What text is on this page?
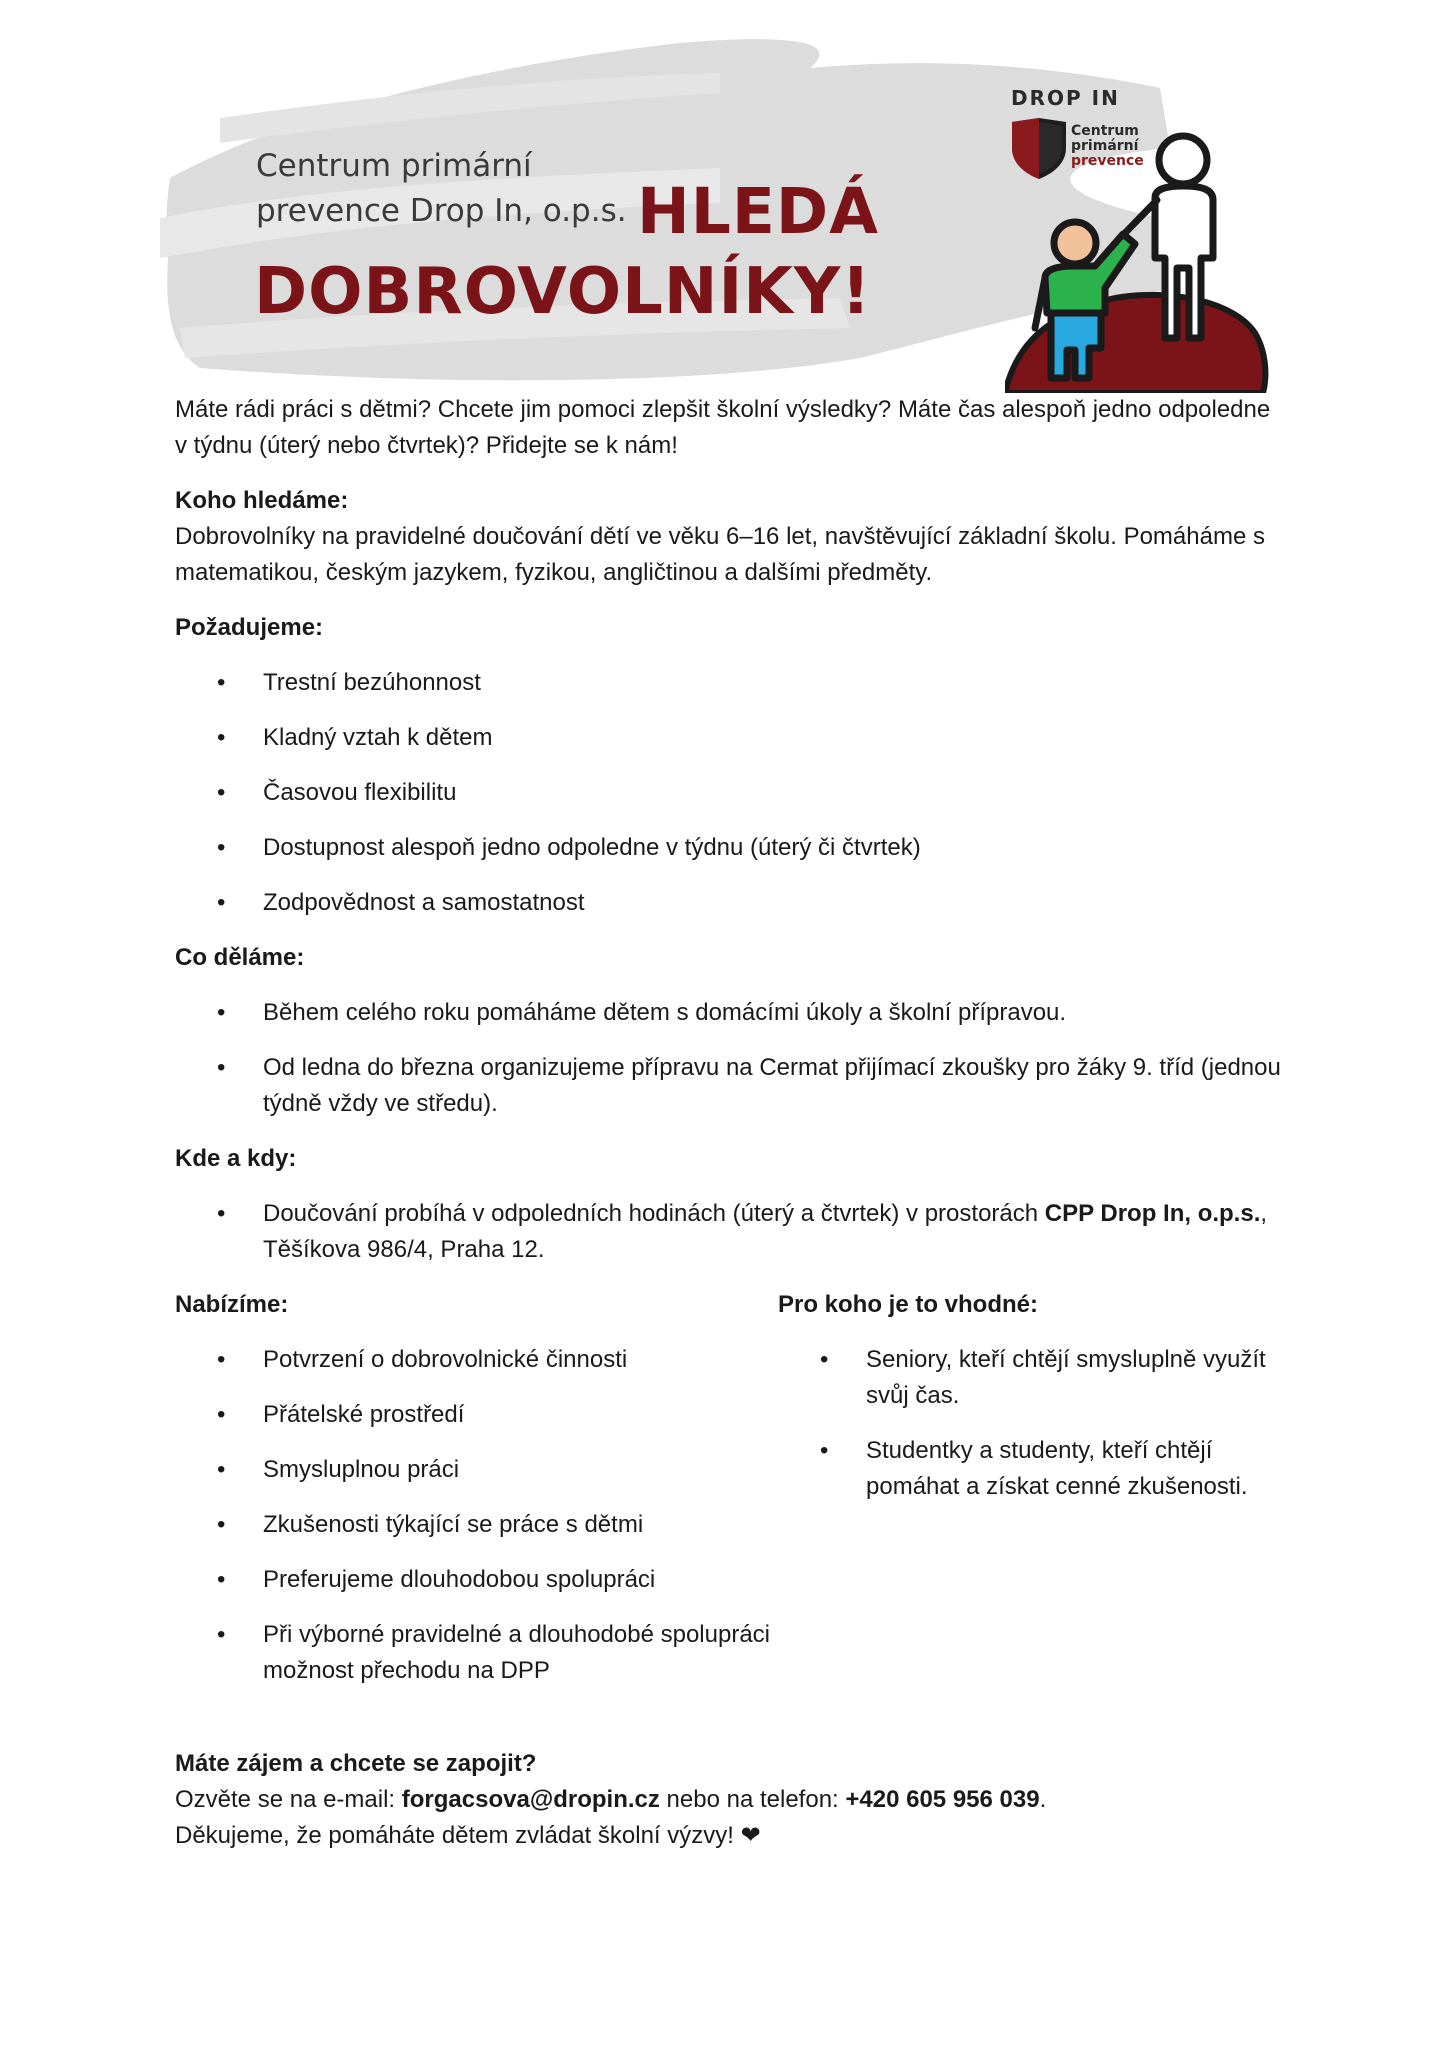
Centrum primární
prevence Drop In, o.p.s. HLEDÁ
DOBROVOLNÍKY!
DROP IN
Centrum
primární
prevence

Máte rádi práci s dětmi? Chcete jim pomoci zlepšit školní výsledky? Máte čas alespoň jedno odpoledne v týdnu (úterý nebo čtvrtek)? Přidejte se k nám!

Koho hledáme:

Dobrovolníky na pravidelné doučování dětí ve věku 6–16 let, navštěvující základní školu. Pomáháme s matematikou, českým jazykem, fyzikou, angličtinou a dalšími předměty.

Požadujeme:

• Trestní bezúhonnost
• Kladný vztah k dětem
• Časovou flexibilitu
• Dostupnost alespoň jedno odpoledne v týdnu (úterý či čtvrtek)
• Zodpovědnost a samostatnost

Co děláme:

• Během celého roku pomáháme dětem s domácími úkoly a školní přípravou.
• Od ledna do března organizujeme přípravu na Cermat přijímací zkoušky pro žáky 9. tříd (jednou týdně vždy ve středu).

Kde a kdy:

• Doučování probíhá v odpoledních hodinách (úterý a čtvrtek) v prostorách CPP Drop In, o.p.s., Těšíkova 986/4, Praha 12.

Nabízíme:

• Potvrzení o dobrovolnické činnosti
• Přátelské prostředí
• Smysluplnou práci
• Zkušenosti týkající se práce s dětmi
• Preferujeme dlouhodobou spolupráci
• Při výborné pravidelné a dlouhodobé spolupráci možnost přechodu na DPP

Pro koho je to vhodné:

• Seniory, kteří chtějí smysluplně využít svůj čas.
• Studentky a studenty, kteří chtějí pomáhat a získat cenné zkušenosti.

Máte zájem a chcete se zapojit?

Ozvěte se na e-mail: forgacsova@dropin.cz nebo na telefon: +420 605 956 039.

Děkujeme, že pomáháte dětem zvládat školní výzvy! ❤
